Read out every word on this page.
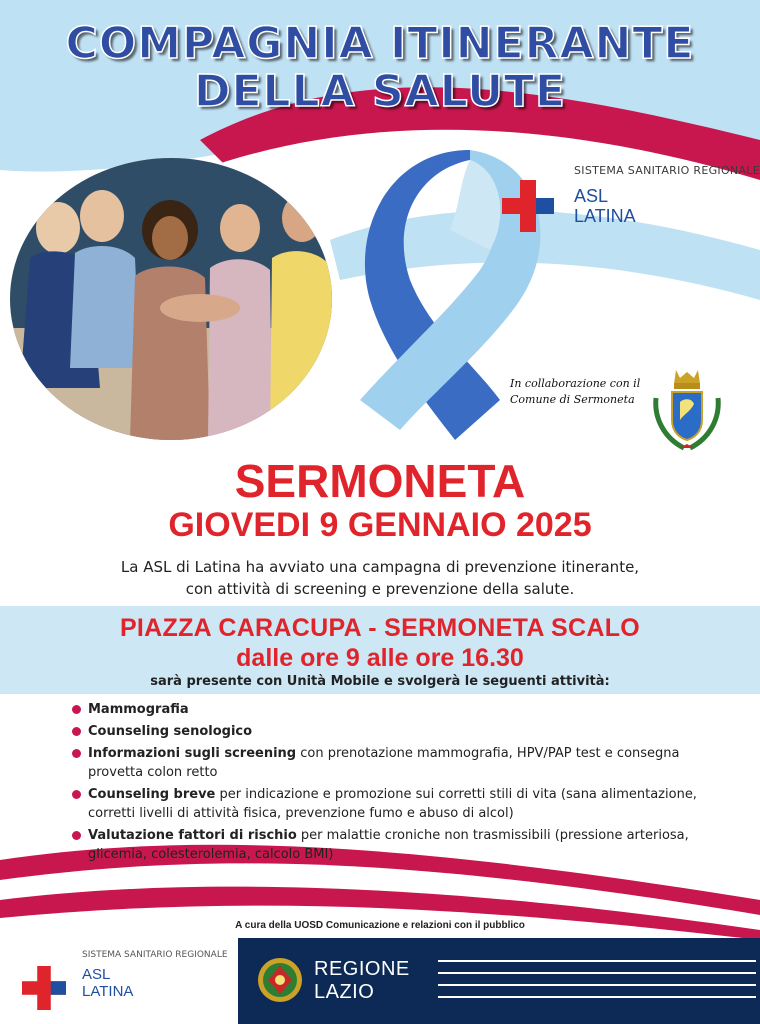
COMPAGNIA ITINERANTE
DELLA SALUTE
SISTEMA SANITARIO REGIONALE
ASL
LATINA
In collaborazione con il
Comune di Sermoneta
SERMONETA
GIOVEDI 9 GENNAIO 2025
La ASL di Latina ha avviato una campagna di prevenzione itinerante,
con attività di screening e prevenzione della salute.
PIAZZA CARACUPA - SERMONETA SCALO
dalle ore 9 alle ore 16.30
sarà presente con Unità Mobile e svolgerà le seguenti attività:
Mammografia
Counseling senologico
Informazioni sugli screening con prenotazione mammografia, HPV/PAP test e consegna provetta colon retto
Counseling breve per indicazione e promozione sui corretti stili di vita (sana alimentazione, corretti livelli di attività fisica, prevenzione fumo e abuso di alcol)
Valutazione fattori di rischio per malattie croniche non trasmissibili (pressione arteriosa, glicemia, colesterolemia, calcolo BMI)
A cura della UOSD Comunicazione e relazioni con il pubblico
SISTEMA SANITARIO REGIONALE
ASL
LATINA
REGIONE
LAZIO
